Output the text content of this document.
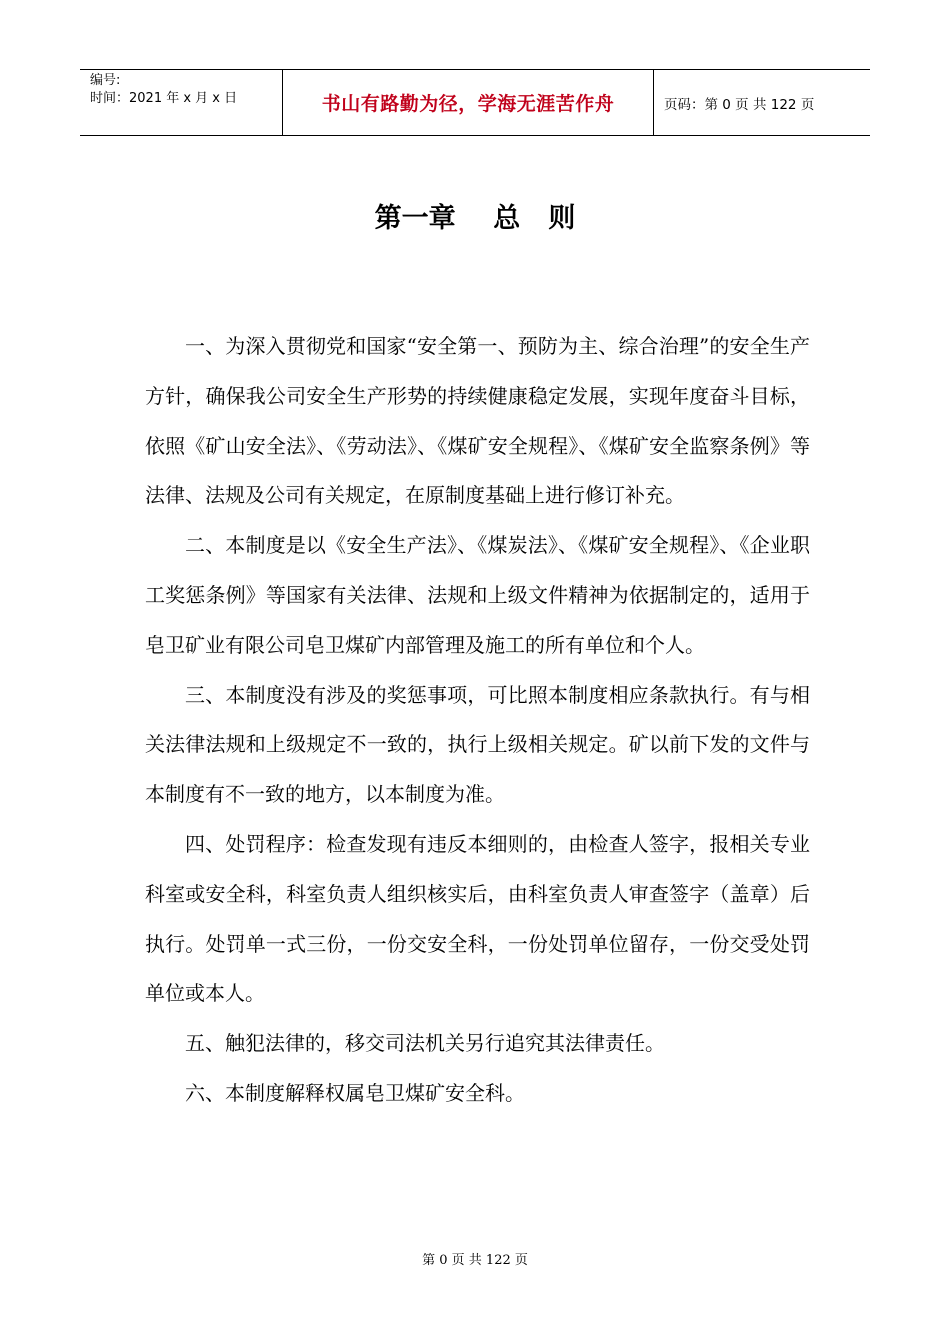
编号:
时间：2021 年 x 月 x 日	书山有路勤为径，学海无涯苦作舟	页码：第 0 页 共 122 页
第一章    总   则

一、为深入贯彻党和国家“安全第一、预防为主、综合治理”的安全生产方针，确保我公司安全生产形势的持续健康稳定发展，实现年度奋斗目标，依照《矿山安全法》、《劳动法》、《煤矿安全规程》、《煤矿安全监察条例》等法律、法规及公司有关规定，在原制度基础上进行修订补充。

二、本制度是以《安全生产法》、《煤炭法》、《煤矿安全规程》、《企业职工奖惩条例》等国家有关法律、法规和上级文件精神为依据制定的，适用于皂卫矿业有限公司皂卫煤矿内部管理及施工的所有单位和个人。

三、本制度没有涉及的奖惩事项，可比照本制度相应条款执行。有与相关法律法规和上级规定不一致的，执行上级相关规定。矿以前下发的文件与本制度有不一致的地方，以本制度为准。

四、处罚程序：检查发现有违反本细则的，由检查人签字，报相关专业科室或安全科，科室负责人组织核实后，由科室负责人审查签字（盖章）后执行。处罚单一式三份，一份交安全科，一份处罚单位留存，一份交受处罚单位或本人。

五、触犯法律的，移交司法机关另行追究其法律责任。

六、本制度解释权属皂卫煤矿安全科。

第 0 页 共 122 页
